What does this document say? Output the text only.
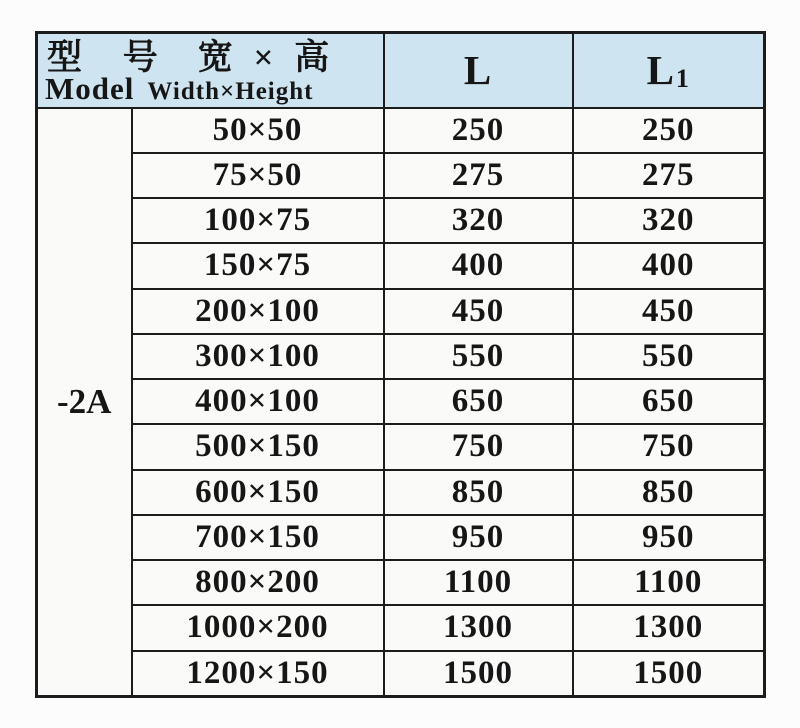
型 号 宽 × 高
Model Width×Height		L	L1
-2A	50×50	250	250
	75×50	275	275
	100×75	320	320
	150×75	400	400
	200×100	450	450
	300×100	550	550
	400×100	650	650
	500×150	750	750
	600×150	850	850
	700×150	950	950
	800×200	1100	1100
	1000×200	1300	1300
	1200×150	1500	1500
